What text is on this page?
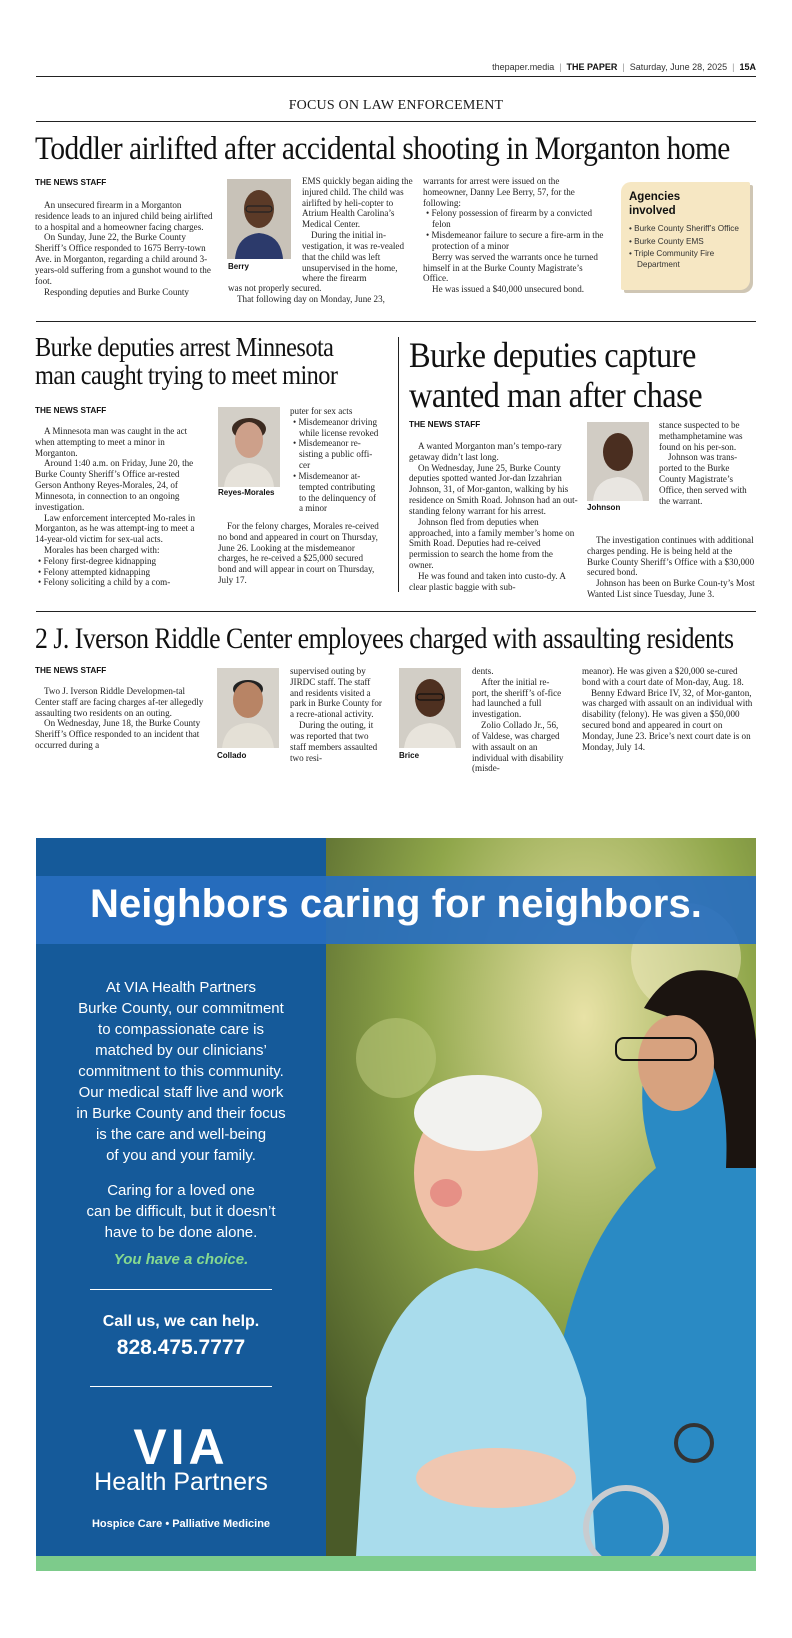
thepaper.media | THE PAPER | Saturday, June 28, 2025 | 15A
FOCUS ON LAW ENFORCEMENT
Toddler airlifted after accidental shooting in Morganton home
THE NEWS STAFF

An unsecured firearm in a Morganton residence leads to an injured child being airlifted to a hospital and a homeowner facing charges.

On Sunday, June 22, the Burke County Sheriff’s Office responded to 1675 Berry-town Ave. in Morganton, regarding a child around 3-years-old suffering from a gunshot wound to the foot.

Responding deputies and Burke County

Berry

EMS quickly began aiding the injured child. The child was airlifted by heli-copter to Atrium Health Carolina’s Medical Center.

During the initial in-vestigation, it was re-vealed that the child was left unsupervised in the home, where the firearm

was not properly secured.

That following day on Monday, June 23,

warrants for arrest were issued on the homeowner, Danny Lee Berry, 57, for the following:

• Felony possession of firearm by a convicted felon

• Misdemeanor failure to secure a fire-arm in the protection of a minor

Berry was served the warrants once he turned himself in at the Burke County Magistrate’s Office.

He was issued a $40,000 unsecured bond.

Agencies
involved
• Burke County Sheriff’s Office
• Burke County EMS
• Triple Community Fire Department
Burke deputies arrest Minnesota
man caught trying to meet minor
THE NEWS STAFF

A Minnesota man was caught in the act when attempting to meet a minor in Morganton.

Around 1:40 a.m. on Friday, June 20, the Burke County Sheriff’s Office ar-rested Gerson Anthony Reyes-Morales, 24, of Minnesota, in connection to an ongoing investigation.

Law enforcement intercepted Mo-rales in Morganton, as he was attempt-ing to meet a 14-year-old victim for sex-ual acts.

Morales has been charged with:

• Felony first-degree kidnapping

• Felony attempted kidnapping

• Felony soliciting a child by a com-

Reyes-Morales

puter for sex acts

• Misdemeanor driving while license revoked

• Misdemeanor re-sisting a public offi-cer

• Misdemeanor at-tempted contributing to the delinquency of a minor

For the felony charges, Morales re-ceived no bond and appeared in court on Thursday, June 26. Looking at the misdemeanor charges, he re-ceived a $25,000 secured bond and will appear in court on Thursday, July 17.

Burke deputies capture
wanted man after chase
THE NEWS STAFF

A wanted Morganton man’s tempo-rary getaway didn’t last long.

On Wednesday, June 25, Burke County deputies spotted wanted Jor-dan Izzahrian Johnson, 31, of Mor-ganton, walking by his residence on Smith Road. Johnson had an out-standing felony warrant for his arrest.

Johnson fled from deputies when approached, into a family member’s home on Smith Road. Deputies had re-ceived permission to search the home from the owner.

He was found and taken into custo-dy. A clear plastic baggie with sub-

Johnson

stance suspected to be methamphetamine was found on his per-son.

Johnson was trans-ported to the Burke County Magistrate’s Office, then served with the warrant.

The investigation continues with additional charges pending. He is being held at the Burke County Sheriff’s Office with a $30,000 secured bond.

Johnson has been on Burke Coun-ty’s Most Wanted List since Tuesday, June 3.

2 J. Iverson Riddle Center employees charged with assaulting residents
THE NEWS STAFF

Two J. Iverson Riddle Developmen-tal Center staff are facing charges af-ter allegedly assaulting two residents on an outing.

On Wednesday, June 18, the Burke County Sheriff’s Office responded to an incident that occurred during a

Collado

supervised outing by JIRDC staff. The staff and residents visited a park in Burke County for a recre-ational activity.

During the outing, it was reported that two staff members assaulted two resi-	Brice

dents.

After the initial re-port, the sheriff’s of-fice had launched a full investigation.

Zolio Collado Jr., 56, of Valdese, was charged with assault on an individual with disability (misde-

meanor). He was given a $20,000 se-cured bond with a court date of Mon-day, Aug. 18.

Benny Edward Brice IV, 32, of Mor-ganton, was charged with assault on an individual with disability (felony). He was given a $50,000 secured bond and appeared in court on Monday, June 23. Brice’s next court date is on Monday, July 14.

Neighbors caring for neighbors.
At VIA Health Partners
Burke County, our commitment
to compassionate care is
matched by our clinicians’
commitment to this community.
Our medical staff live and work
in Burke County and their focus
is the care and well-being
of you and your family.
Caring for a loved one
can be difficult, but it doesn’t
have to be done alone.
You have a choice.
Call us, we can help.
828.475.7777
VIA
Health Partners
Hospice Care • Palliative Medicine
